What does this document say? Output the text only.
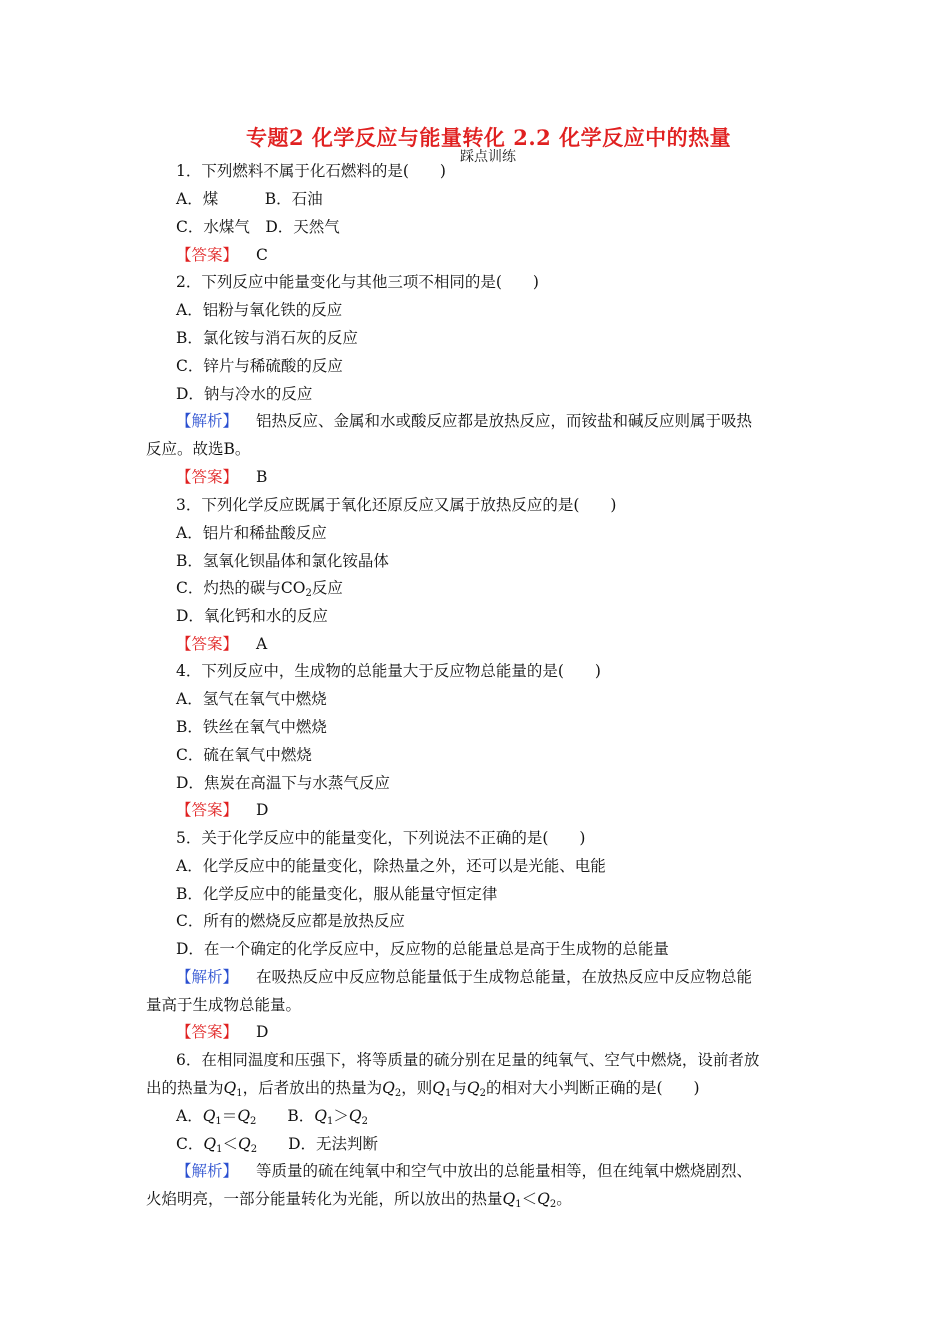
专题2 化学反应与能量转化 2.2 化学反应中的热量
踩点训练
1．下列燃料不属于化石燃料的是(　　)
A．煤　　　B．石油
C．水煤气　D．天然气
【答案】 C
2．下列反应中能量变化与其他三项不相同的是(　　)
A．铝粉与氧化铁的反应
B．氯化铵与消石灰的反应
C．锌片与稀硫酸的反应
D．钠与冷水的反应
【解析】 铝热反应、金属和水或酸反应都是放热反应，而铵盐和碱反应则属于吸热
反应。故选B。
【答案】 B
3．下列化学反应既属于氧化还原反应又属于放热反应的是(　　)
A．铝片和稀盐酸反应
B．氢氧化钡晶体和氯化铵晶体
C．灼热的碳与$CO_2$反应
D．氧化钙和水的反应
【答案】 A
4．下列反应中，生成物的总能量大于反应物总能量的是(　　)
A．氢气在氧气中燃烧
B．铁丝在氧气中燃烧
C．硫在氧气中燃烧
D．焦炭在高温下与水蒸气反应
【答案】 D
5．关于化学反应中的能量变化，下列说法不正确的是(　　)
A．化学反应中的能量变化，除热量之外，还可以是光能、电能
B．化学反应中的能量变化，服从能量守恒定律
C．所有的燃烧反应都是放热反应
D．在一个确定的化学反应中，反应物的总能量总是高于生成物的总能量
【解析】 在吸热反应中反应物总能量低于生成物总能量，在放热反应中反应物总能
量高于生成物总能量。
【答案】 D
6．在相同温度和压强下，将等质量的硫分别在足量的纯氧气、空气中燃烧，设前者放
出的热量为$Q_1$，后者放出的热量为$Q_2$，则$Q_1$与$Q_2$的相对大小判断正确的是(　　)
A．$Q_1=Q_2$　　B．$Q_1>Q_2$
C．$Q_1<Q_2$　　D．无法判断
【解析】 等质量的硫在纯氧中和空气中放出的总能量相等，但在纯氧中燃烧剧烈、
火焰明亮，一部分能量转化为光能，所以放出的热量$Q_1<Q_2$。
